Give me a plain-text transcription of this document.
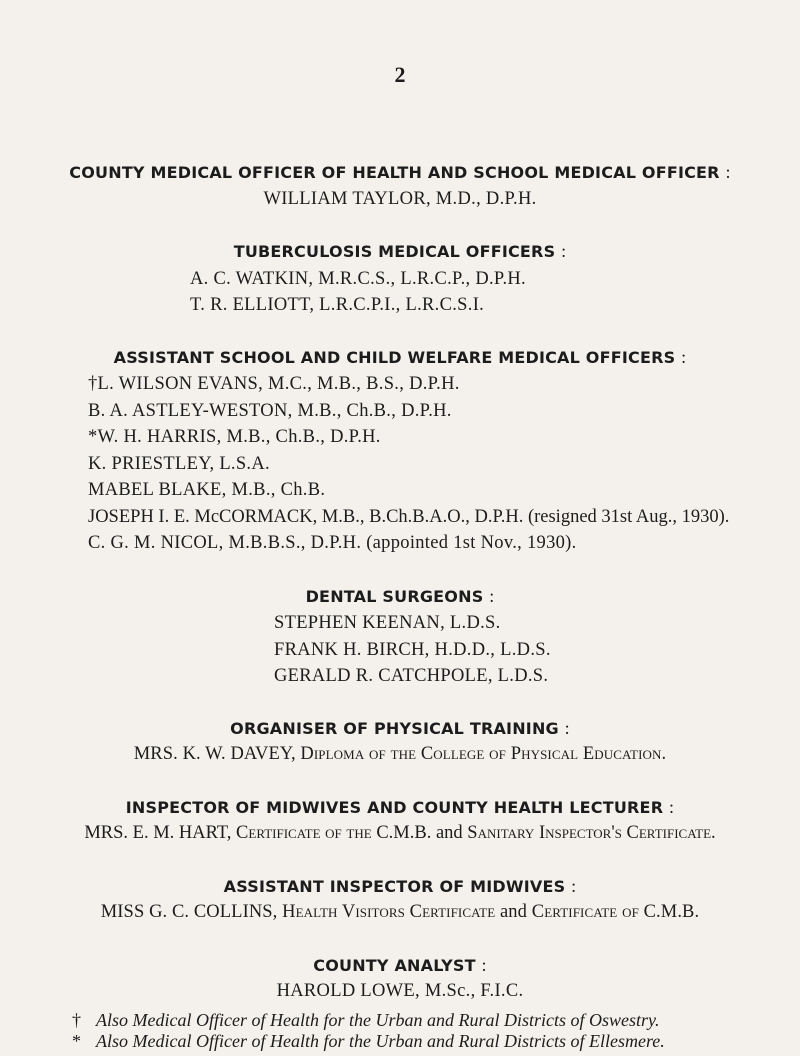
2
COUNTY MEDICAL OFFICER OF HEALTH AND SCHOOL MEDICAL OFFICER :
WILLIAM TAYLOR, M.D., D.P.H.
TUBERCULOSIS MEDICAL OFFICERS :
A. C. WATKIN, M.R.C.S., L.R.C.P., D.P.H.
T. R. ELLIOTT, L.R.C.P.I., L.R.C.S.I.
ASSISTANT SCHOOL AND CHILD WELFARE MEDICAL OFFICERS :
†L. WILSON EVANS, M.C., M.B., B.S., D.P.H.
B. A. ASTLEY-WESTON, M.B., Ch.B., D.P.H.
*W. H. HARRIS, M.B., Ch.B., D.P.H.
K. PRIESTLEY, L.S.A.
MABEL BLAKE, M.B., Ch.B.
JOSEPH I. E. McCORMACK, M.B., B.Ch.B.A.O., D.P.H. (resigned 31st Aug., 1930).
C. G. M. NICOL, M.B.B.S., D.P.H. (appointed 1st Nov., 1930).
DENTAL SURGEONS :
STEPHEN KEENAN, L.D.S.
FRANK H. BIRCH, H.D.D., L.D.S.
GERALD R. CATCHPOLE, L.D.S.
ORGANISER OF PHYSICAL TRAINING :
MRS. K. W. DAVEY, Diploma of the College of Physical Education.
INSPECTOR OF MIDWIVES AND COUNTY HEALTH LECTURER :
MRS. E. M. HART, Certificate of the C.M.B. and Sanitary Inspector's Certificate.
ASSISTANT INSPECTOR OF MIDWIVES :
MISS G. C. COLLINS, Health Visitors Certificate and Certificate of C.M.B.
COUNTY ANALYST :
HAROLD LOWE, M.Sc., F.I.C.
† Also Medical Officer of Health for the Urban and Rural Districts of Oswestry.
* Also Medical Officer of Health for the Urban and Rural Districts of Ellesmere.
